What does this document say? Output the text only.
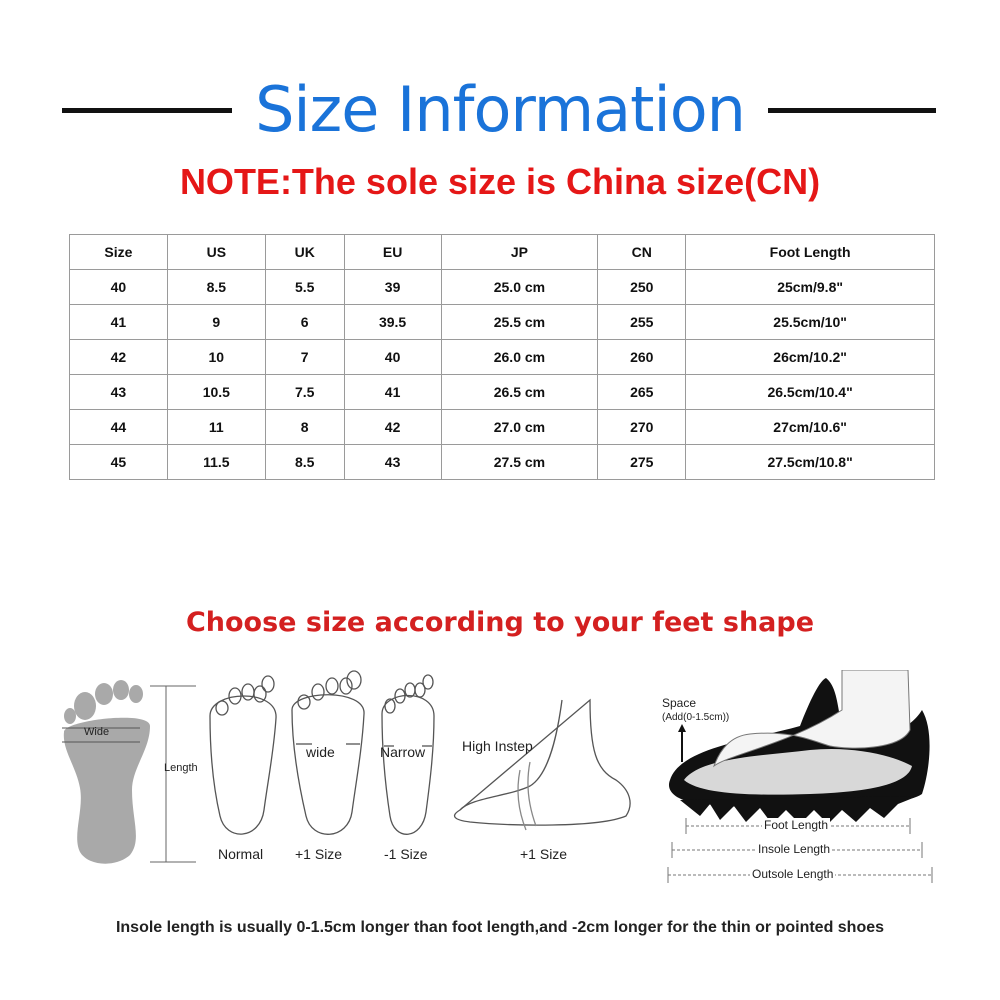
Size Information
NOTE:The sole size is China size(CN)
Size	US	UK	EU	JP	CN	Foot Length
40	8.5	5.5	39	25.0 cm	250	25cm/9.8"
41	9	6	39.5	25.5 cm	255	25.5cm/10"
42	10	7	40	26.0 cm	260	26cm/10.2"
43	10.5	7.5	41	26.5 cm	265	26.5cm/10.4"
44	11	8	42	27.0 cm	270	27cm/10.6"
45	11.5	8.5	43	27.5 cm	275	27.5cm/10.8"
Choose size according to your feet shape
Wide
Length
Normal
wide
+1 Size
Narrow
-1 Size
High Instep
+1 Size
Space
(Add(0-1.5cm))
Foot Length
Insole Length
Outsole Length
Insole length is usually 0-1.5cm longer than foot length,and -2cm longer for the thin or pointed shoes
